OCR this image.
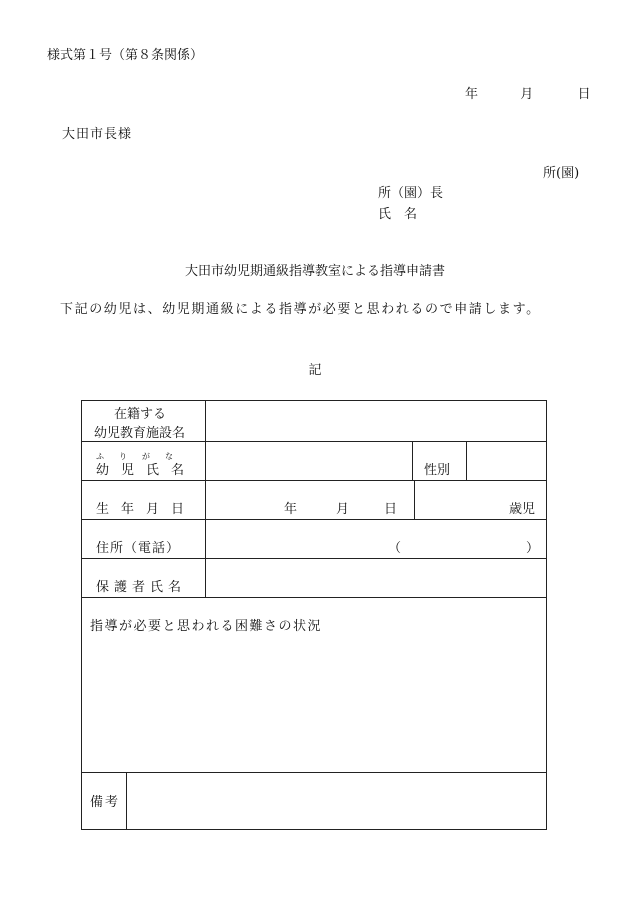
様式第１号（第８条関係）
年	月	日
大田市長様
所(園)
所（園）長
氏　名
大田市幼児期通級指導教室による指導申請書
下記の幼児は、幼児期通級による指導が必要と思われるので申請します。
記
在籍する
幼児教育施設名
ふりがな
幼児氏名	性別
生年月日	年	月	日	歳児
住所（電話）	（	）
保護者氏名
指導が必要と思われる困難さの状況
備考
